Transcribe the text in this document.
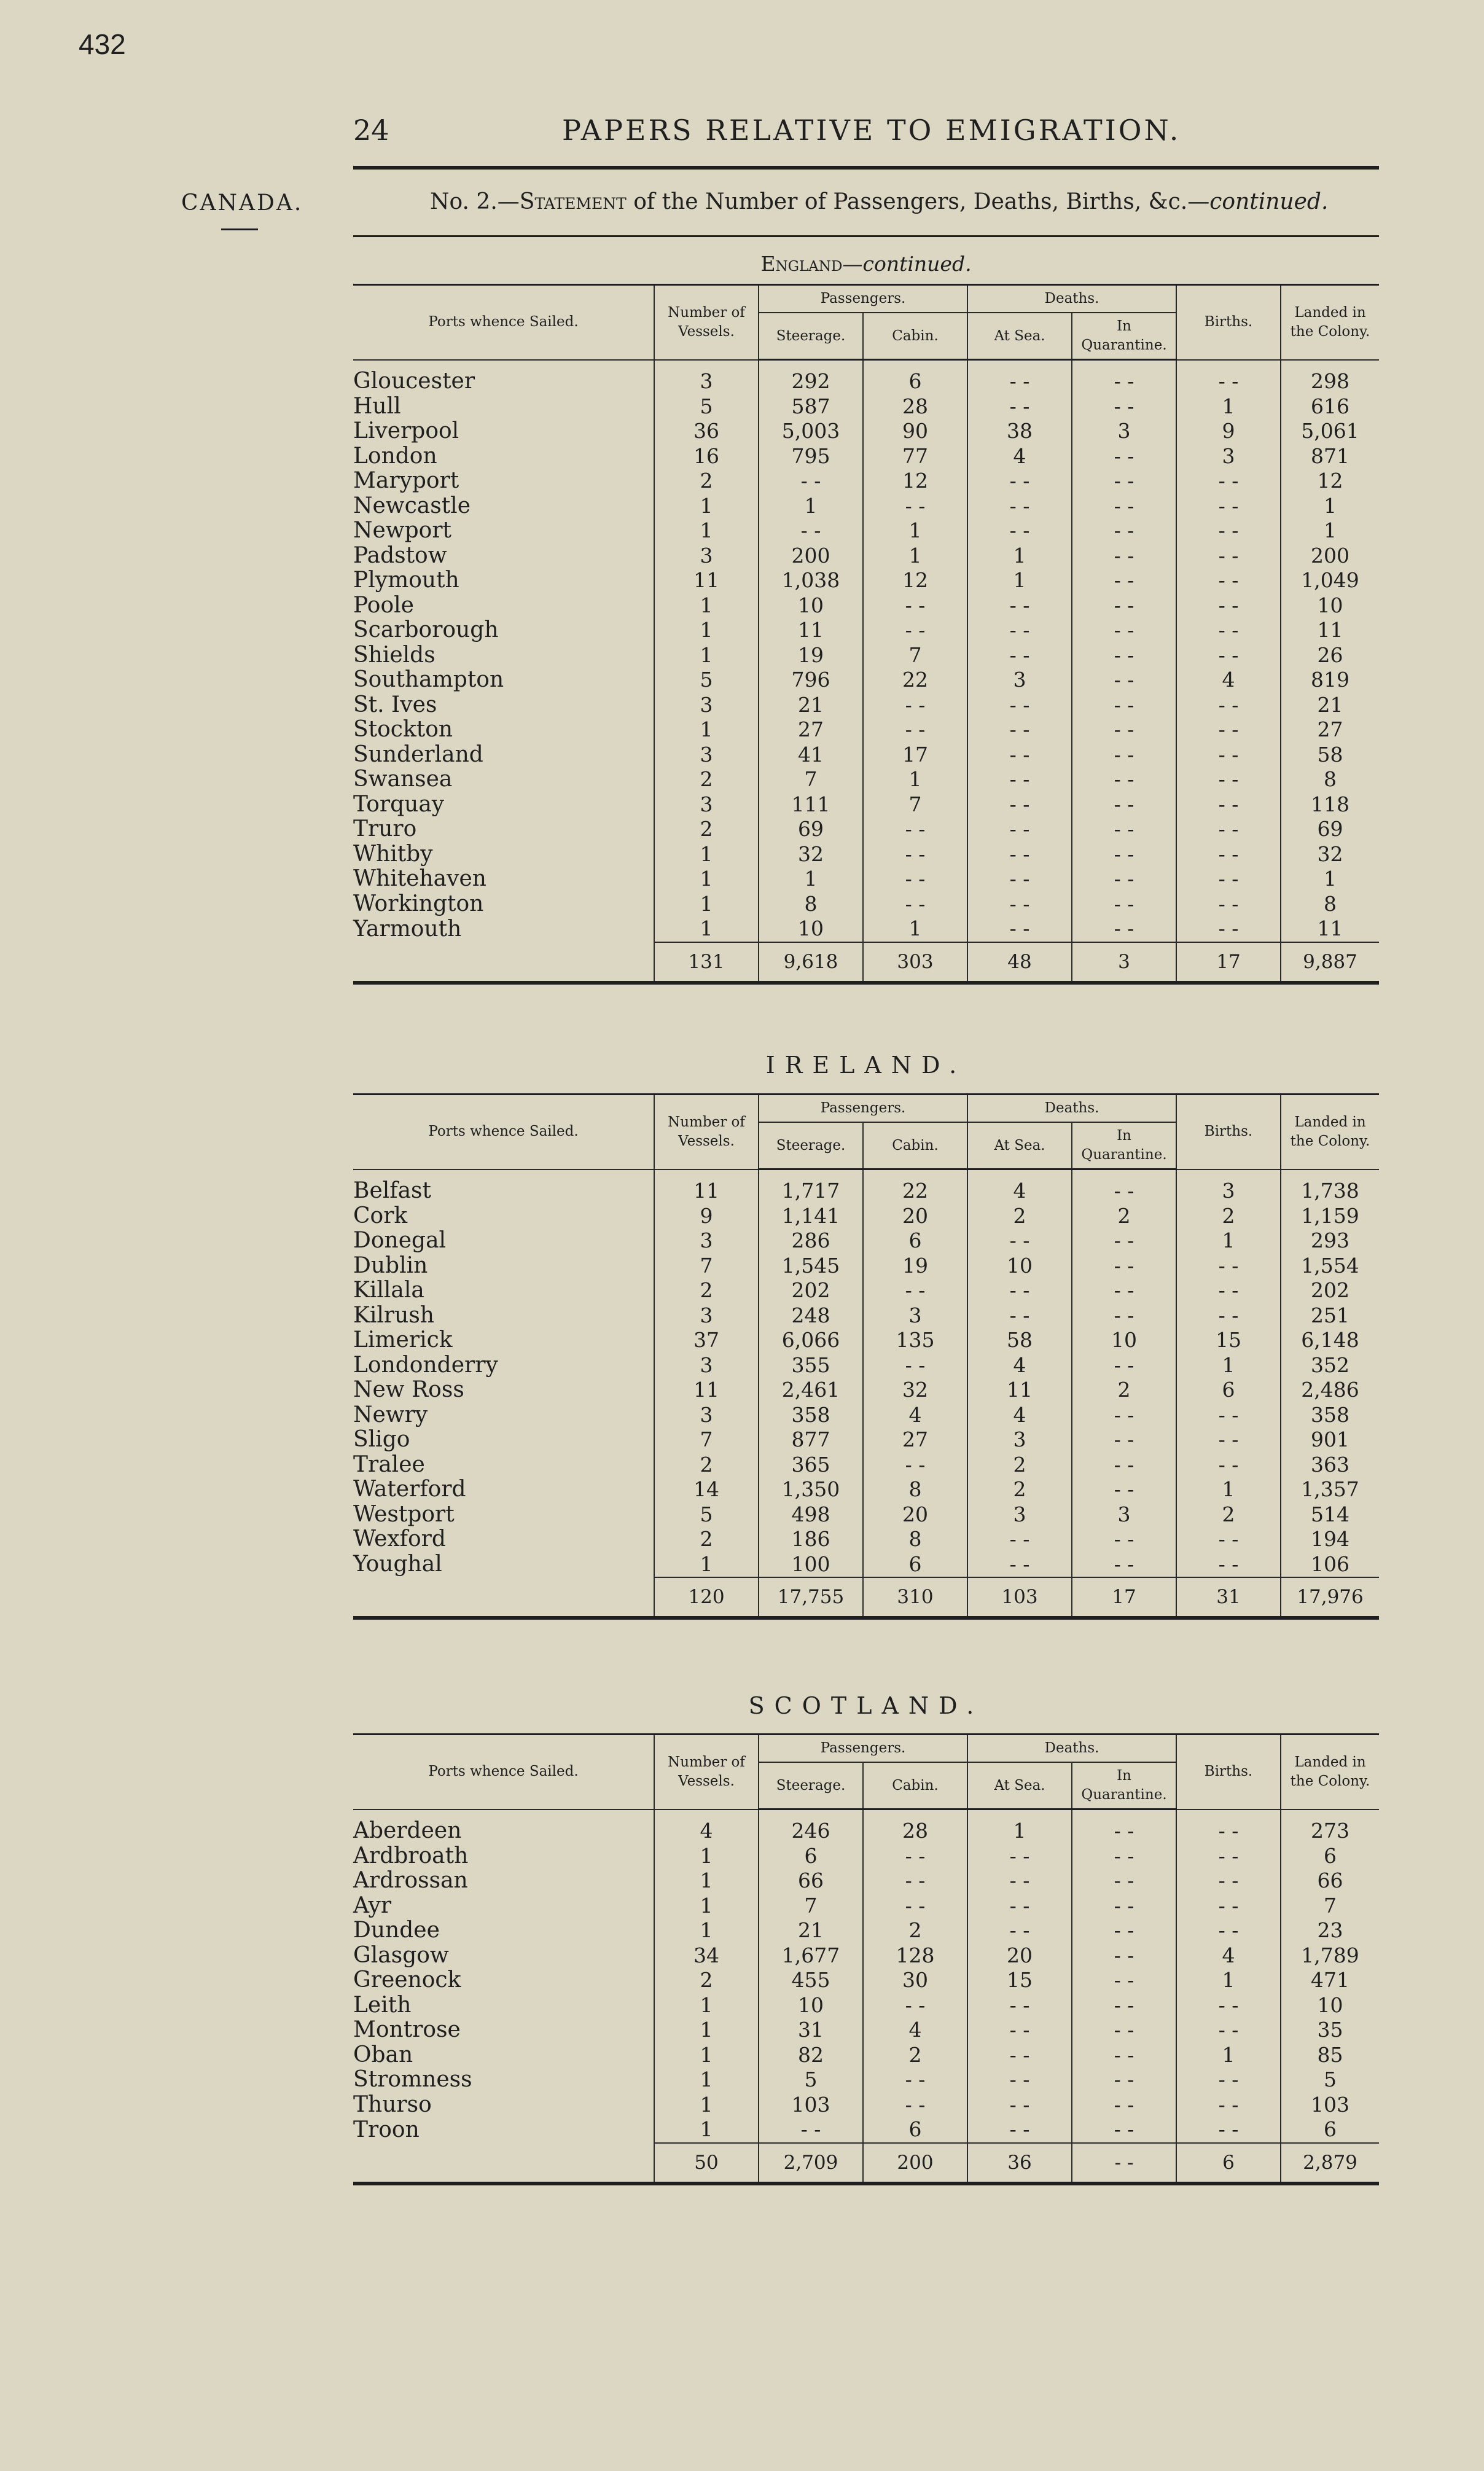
432
24	PAPERS RELATIVE TO EMIGRATION.
CANADA.	No. 2.—Statement of the Number of Passengers, Deaths, Births, &c.—continued.
England—continued.
Ports whence Sailed.	Number of Vessels.	Passengers.		Deaths.		Births.	Landed in the Colony.
		Steerage.	Cabin.	At Sea.	In Quarantine.		
Gloucester	3	292	6	- -	- -	- -	298
Hull	5	587	28	- -	- -	1	616
Liverpool	36	5,003	90	38	3	9	5,061
London	16	795	77	4	- -	3	871
Maryport	2	- -	12	- -	- -	- -	12
Newcastle	1	1	- -	- -	- -	- -	1
Newport	1	- -	1	- -	- -	- -	1
Padstow	3	200	1	1	- -	- -	200
Plymouth	11	1,038	12	1	- -	- -	1,049
Poole	1	10	- -	- -	- -	- -	10
Scarborough	1	11	- -	- -	- -	- -	11
Shields	1	19	7	- -	- -	- -	26
Southampton	5	796	22	3	- -	4	819
St. Ives	3	21	- -	- -	- -	- -	21
Stockton	1	27	- -	- -	- -	- -	27
Sunderland	3	41	17	- -	- -	- -	58
Swansea	2	7	1	- -	- -	- -	8
Torquay	3	111	7	- -	- -	- -	118
Truro	2	69	- -	- -	- -	- -	69
Whitby	1	32	- -	- -	- -	- -	32
Whitehaven	1	1	- -	- -	- -	- -	1
Workington	1	8	- -	- -	- -	- -	8
Yarmouth	1	10	1	- -	- -	- -	11
	131	9,618	303	48	3	17	9,887
IRELAND.
Ports whence Sailed.	Number of Vessels.	Passengers.		Deaths.		Births.	Landed in the Colony.
		Steerage.	Cabin.	At Sea.	In Quarantine.		
Belfast	11	1,717	22	4	- -	3	1,738
Cork	9	1,141	20	2	2	2	1,159
Donegal	3	286	6	- -	- -	1	293
Dublin	7	1,545	19	10	- -	- -	1,554
Killala	2	202	- -	- -	- -	- -	202
Kilrush	3	248	3	- -	- -	- -	251
Limerick	37	6,066	135	58	10	15	6,148
Londonderry	3	355	- -	4	- -	1	352
New Ross	11	2,461	32	11	2	6	2,486
Newry	3	358	4	4	- -	- -	358
Sligo	7	877	27	3	- -	- -	901
Tralee	2	365	- -	2	- -	- -	363
Waterford	14	1,350	8	2	- -	1	1,357
Westport	5	498	20	3	3	2	514
Wexford	2	186	8	- -	- -	- -	194
Youghal	1	100	6	- -	- -	- -	106
	120	17,755	310	103	17	31	17,976
SCOTLAND.
Ports whence Sailed.	Number of Vessels.	Passengers.		Deaths.		Births.	Landed in the Colony.
		Steerage.	Cabin.	At Sea.	In Quarantine.		
Aberdeen	4	246	28	1	- -	- -	273
Ardbroath	1	6	- -	- -	- -	- -	6
Ardrossan	1	66	- -	- -	- -	- -	66
Ayr	1	7	- -	- -	- -	- -	7
Dundee	1	21	2	- -	- -	- -	23
Glasgow	34	1,677	128	20	- -	4	1,789
Greenock	2	455	30	15	- -	1	471
Leith	1	10	- -	- -	- -	- -	10
Montrose	1	31	4	- -	- -	- -	35
Oban	1	82	2	- -	- -	1	85
Stromness	1	5	- -	- -	- -	- -	5
Thurso	1	103	- -	- -	- -	- -	103
Troon	1	- -	6	- -	- -	- -	6
	50	2,709	200	36	- -	6	2,879
